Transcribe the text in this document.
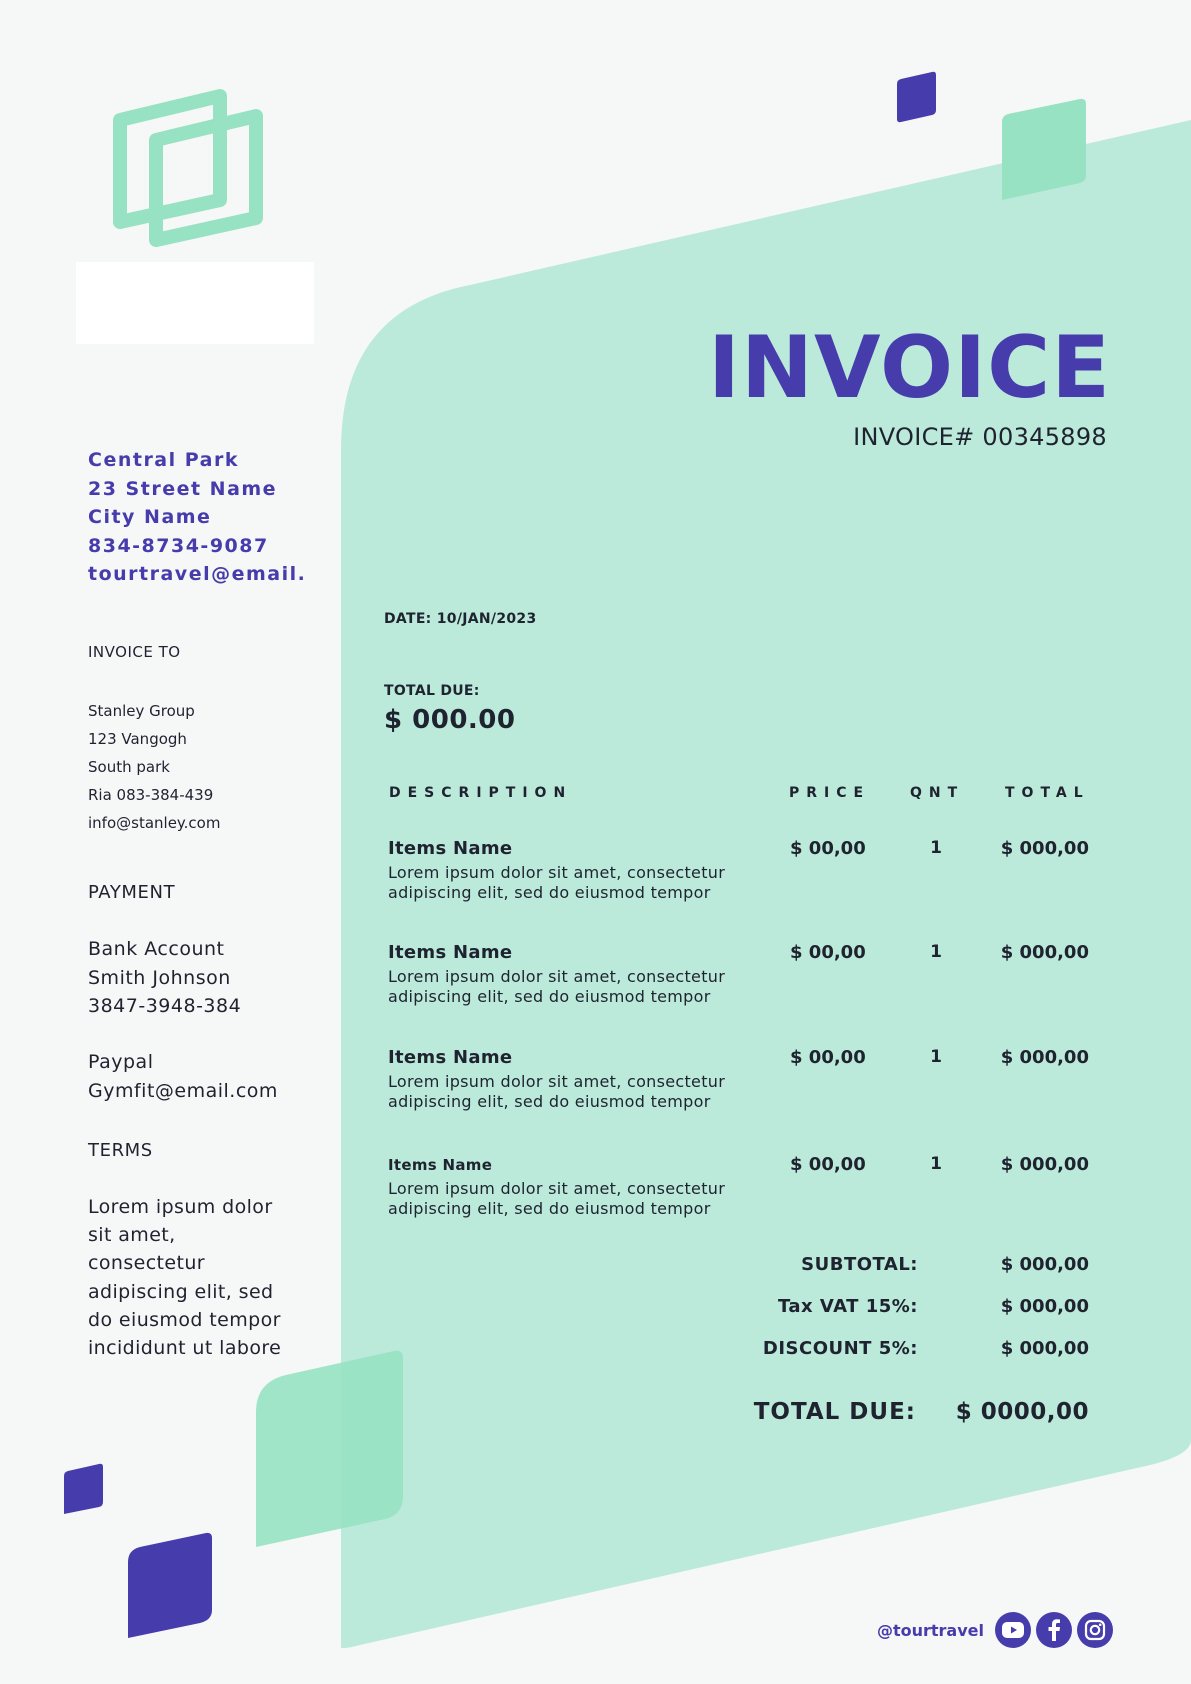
Central Park
23 Street Name
City Name
834-8734-9087
tourtravel@email.
INVOICE TO
Stanley Group
123 Vangogh
South park
Ria 083-384-439
info@stanley.com
PAYMENT
Bank Account
Smith Johnson
3847-3948-384
Paypal
Gymfit@email.com
TERMS
Lorem ipsum dolor sit amet, consectetur adipiscing elit, sed do eiusmod tempor incididunt ut labore
INVOICE
INVOICE# 00345898
DATE: 10/JAN/2023
TOTAL DUE:
$ 000.00
DESCRIPTION	PRICE	QNT	TOTAL
Items Name
Lorem ipsum dolor sit amet, consectetur adipiscing elit, sed do eiusmod tempor
$ 00,00	1	$ 000,00
Items Name
Lorem ipsum dolor sit amet, consectetur adipiscing elit, sed do eiusmod tempor
$ 00,00	1	$ 000,00
Items Name
Lorem ipsum dolor sit amet, consectetur adipiscing elit, sed do eiusmod tempor
$ 00,00	1	$ 000,00
Items Name
Lorem ipsum dolor sit amet, consectetur adipiscing elit, sed do eiusmod tempor
$ 00,00	1	$ 000,00
SUBTOTAL:	$ 000,00
Tax VAT 15%:	$ 000,00
DISCOUNT 5%:	$ 000,00
TOTAL DUE: $ 0000,00
@tourtravel
